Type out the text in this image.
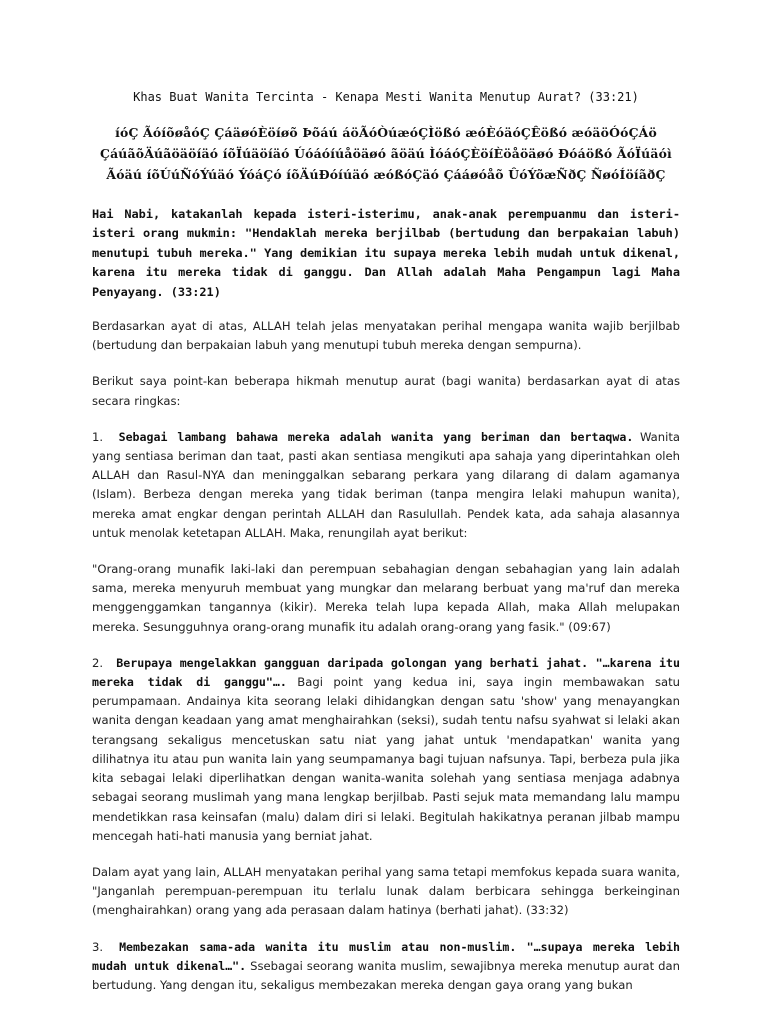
Khas Buat Wanita Tercinta - Kenapa Mesti Wanita Menutup Aurat? (33:21)
íóÇ ÃóíõøåóÇ ÇáäøóÈöíøõ Þõáú áöÃóÒúæóÇÌößó æóÈóäóÇÊößó æóäöÓóÇÁö ÇáúãõÄúãöäöíäó íõÏúäöíäó Úóáóíúåöäøó ãöäú ÌóáóÇÈöíÈöåöäøó Ðóáößó ÃóÏúäóì Ãóäú íõÚúÑóÝúäó ÝóáÇó íõÄúÐóíúäó æóßóÇäó Çááøóåõ ÛóÝõæÑðÇ ÑøóÍöíãðÇ
Hai Nabi, katakanlah kepada isteri-isterimu, anak-anak perempuanmu dan isteri-isteri orang mukmin: "Hendaklah mereka berjilbab (bertudung dan berpakaian labuh) menutupi tubuh mereka." Yang demikian itu supaya mereka lebih mudah untuk dikenal, karena itu mereka tidak di ganggu. Dan Allah adalah Maha Pengampun lagi Maha Penyayang. (33:21)

Berdasarkan ayat di atas, ALLAH telah jelas menyatakan perihal mengapa wanita wajib berjilbab (bertudung dan berpakaian labuh yang menutupi tubuh mereka dengan sempurna).

Berikut saya point-kan beberapa hikmah menutup aurat (bagi wanita) berdasarkan ayat di atas secara ringkas:

1. Sebagai lambang bahawa mereka adalah wanita yang beriman dan bertaqwa. Wanita yang sentiasa beriman dan taat, pasti akan sentiasa mengikuti apa sahaja yang diperintahkan oleh ALLAH dan Rasul-NYA dan meninggalkan sebarang perkara yang dilarang di dalam agamanya (Islam). Berbeza dengan mereka yang tidak beriman (tanpa mengira lelaki mahupun wanita), mereka amat engkar dengan perintah ALLAH dan Rasulullah. Pendek kata, ada sahaja alasannya untuk menolak ketetapan ALLAH. Maka, renungilah ayat berikut:

"Orang-orang munafik laki-laki dan perempuan sebahagian dengan sebahagian yang lain adalah sama, mereka menyuruh membuat yang mungkar dan melarang berbuat yang ma'ruf dan mereka menggenggamkan tangannya (kikir). Mereka telah lupa kepada Allah, maka Allah melupakan mereka. Sesungguhnya orang-orang munafik itu adalah orang-orang yang fasik." (09:67)

2. Berupaya mengelakkan gangguan daripada golongan yang berhati jahat. "…karena itu mereka tidak di ganggu"…. Bagi point yang kedua ini, saya ingin membawakan satu perumpamaan. Andainya kita seorang lelaki dihidangkan dengan satu 'show' yang menayangkan wanita dengan keadaan yang amat menghairahkan (seksi), sudah tentu nafsu syahwat si lelaki akan terangsang sekaligus mencetuskan satu niat yang jahat untuk 'mendapatkan' wanita yang dilihatnya itu atau pun wanita lain yang seumpamanya bagi tujuan nafsunya. Tapi, berbeza pula jika kita sebagai lelaki diperlihatkan dengan wanita-wanita solehah yang sentiasa menjaga adabnya sebagai seorang muslimah yang mana lengkap berjilbab. Pasti sejuk mata memandang lalu mampu mendetikkan rasa keinsafan (malu) dalam diri si lelaki. Begitulah hakikatnya peranan jilbab mampu mencegah hati-hati manusia yang berniat jahat.

Dalam ayat yang lain, ALLAH menyatakan perihal yang sama tetapi memfokus kepada suara wanita, "Janganlah perempuan-perempuan itu terlalu lunak dalam berbicara sehingga berkeinginan (menghairahkan) orang yang ada perasaan dalam hatinya (berhati jahat). (33:32)

3. Membezakan sama-ada wanita itu muslim atau non-muslim. "…supaya mereka lebih mudah untuk dikenal…". Ssebagai seorang wanita muslim, sewajibnya mereka menutup aurat dan bertudung. Yang dengan itu, sekaligus membezakan mereka dengan gaya orang yang bukan
